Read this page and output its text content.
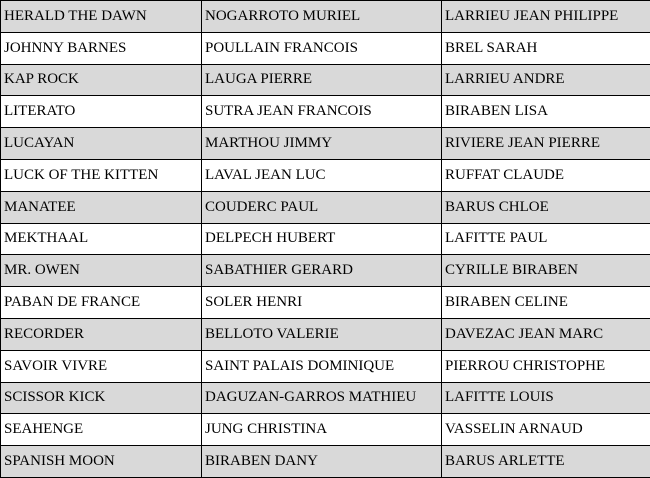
HERALD THE DAWN	NOGARROTO MURIEL	LARRIEU JEAN PHILIPPE
JOHNNY BARNES	POULLAIN FRANCOIS	BREL SARAH
KAP ROCK	LAUGA PIERRE	LARRIEU ANDRE
LITERATO	SUTRA JEAN FRANCOIS	BIRABEN LISA
LUCAYAN	MARTHOU JIMMY	RIVIERE JEAN PIERRE
LUCK OF THE KITTEN	LAVAL JEAN LUC	RUFFAT CLAUDE
MANATEE	COUDERC PAUL	BARUS CHLOE
MEKTHAAL	DELPECH HUBERT	LAFITTE PAUL
MR. OWEN	SABATHIER GERARD	CYRILLE BIRABEN
PABAN DE FRANCE	SOLER HENRI	BIRABEN CELINE
RECORDER	BELLOTO VALERIE	DAVEZAC JEAN MARC
SAVOIR VIVRE	SAINT PALAIS DOMINIQUE	PIERROU CHRISTOPHE
SCISSOR KICK	DAGUZAN-GARROS MATHIEU	LAFITTE LOUIS
SEAHENGE	JUNG CHRISTINA	VASSELIN ARNAUD
SPANISH MOON	BIRABEN DANY	BARUS ARLETTE
